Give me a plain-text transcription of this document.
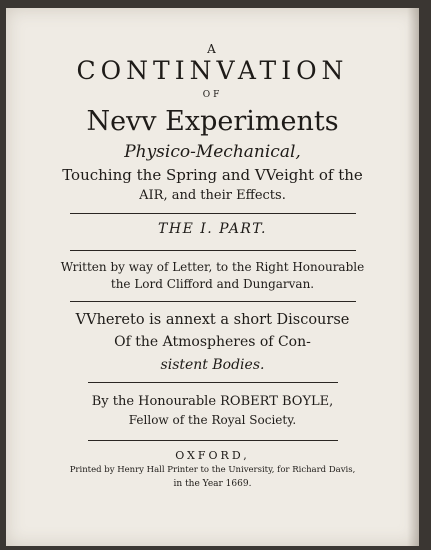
A
CONTINVATION
OF
Nevv Experiments
Physico-Mechanical,
Touching the Spring and VVeight of the
AIR, and their Effects.
THE I. PART.
Written by way of Letter, to the Right Honourable
the Lord Clifford and Dungarvan.
VVhereto is annext a short Discourse
Of the Atmospheres of Con-
sistent Bodies.
By the Honourable ROBERT BOYLE,
Fellow of the Royal Society.
OXFORD,
Printed by Henry Hall Printer to the University, for Richard Davis,
in the Year 1669.
